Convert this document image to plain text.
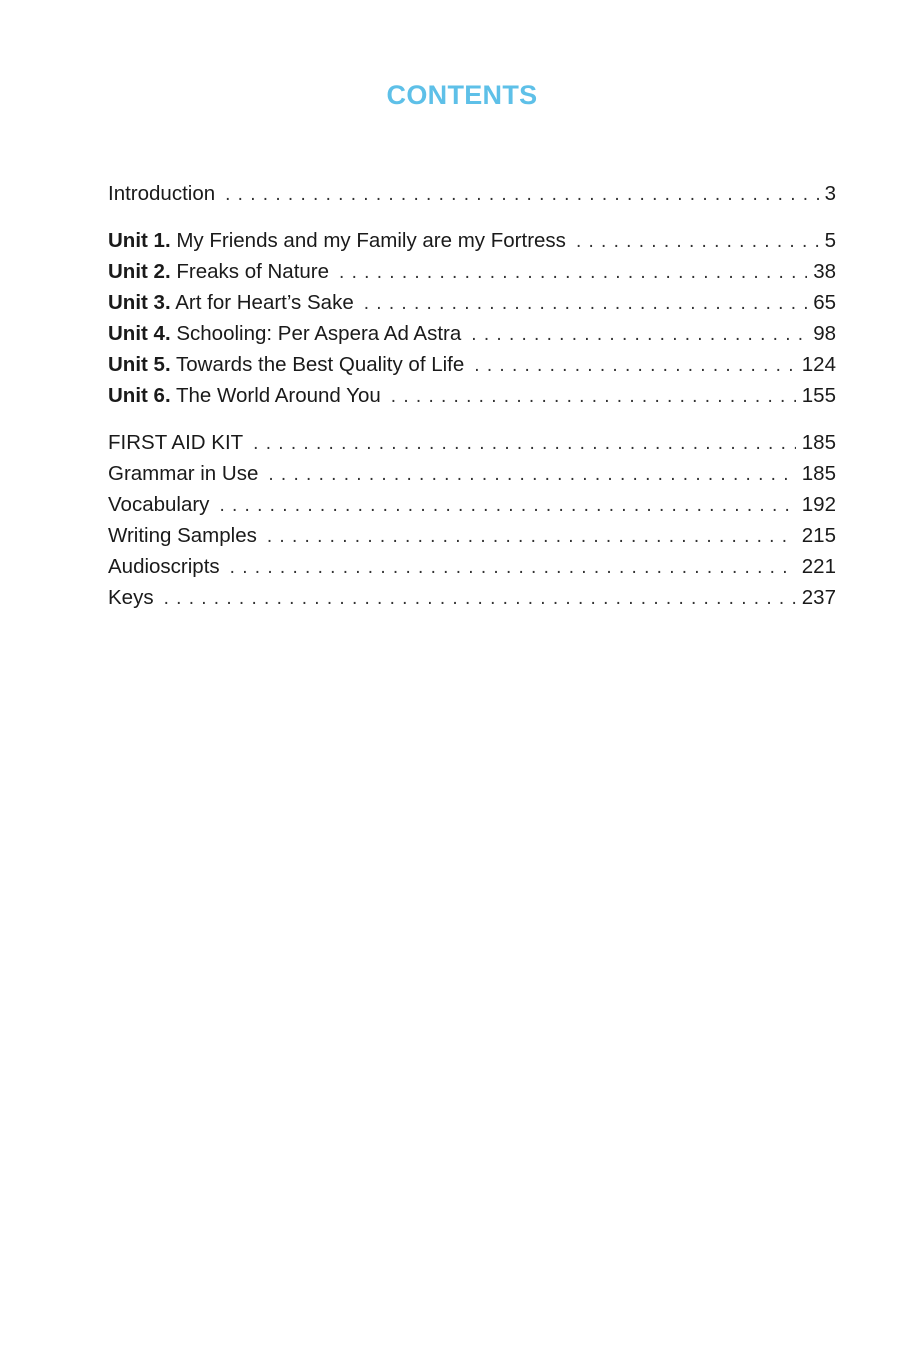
CONTENTS
Introduction . . .	3
Unit 1. My Friends and my Family are my Fortress . . .	5
Unit 2. Freaks of Nature . . .	38
Unit 3. Art for Heart’s Sake . . .	65
Unit 4. Schooling: Per Aspera Ad Astra . . .	98
Unit 5. Towards the Best Quality of Life . . .	124
Unit 6. The World Around You . . .	155
FIRST AID KIT . . .	185
Grammar in Use . . .	185
Vocabulary . . .	192
Writing Samples . . .	215
Audioscripts . . .	221
Keys . . .	237
